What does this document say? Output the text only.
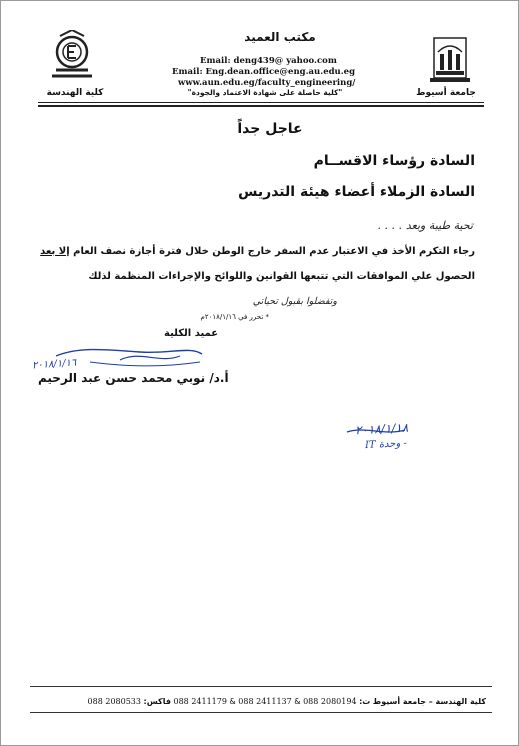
مكتب العميد
Email: deng439@ yahoo.com
Email: Eng.dean.office@eng.au.edu.eg
www.aun.edu.eg/faculty_engineering/
"كلية حاصلة على شهادة الاعتماد والجودة"	جامعة أسيوط
كلية الهندسة
عاجل جداً
السادة رؤساء الاقســام
السادة الزملاء أعضاء هيئة التدريس
تحية طيبة وبعد . . . .
رجاء التكرم الأخذ في الاعتبار عدم السفر خارج الوطن خلال فترة أجازة نصف العام إلا بعد
الحصول علي الموافقات التي تتبعها القوانين واللوائح والإجراءات المنظمة لذلك
وتفضلوا بقبول تحياتي
* تحرر في ٢٠١٨/١/١٦م
عميد الكلية
٢٠١٨/١/١٦
أ.د/ نوبي محمد حسن عبد الرحيم
٢٠١٨/١/١٨
- وحدة IT
كلية الهندسة – جامعة أسيوط ت: 088 2080194 & 088 2411137 & 088 2411179 فاكس: 088 2080533
